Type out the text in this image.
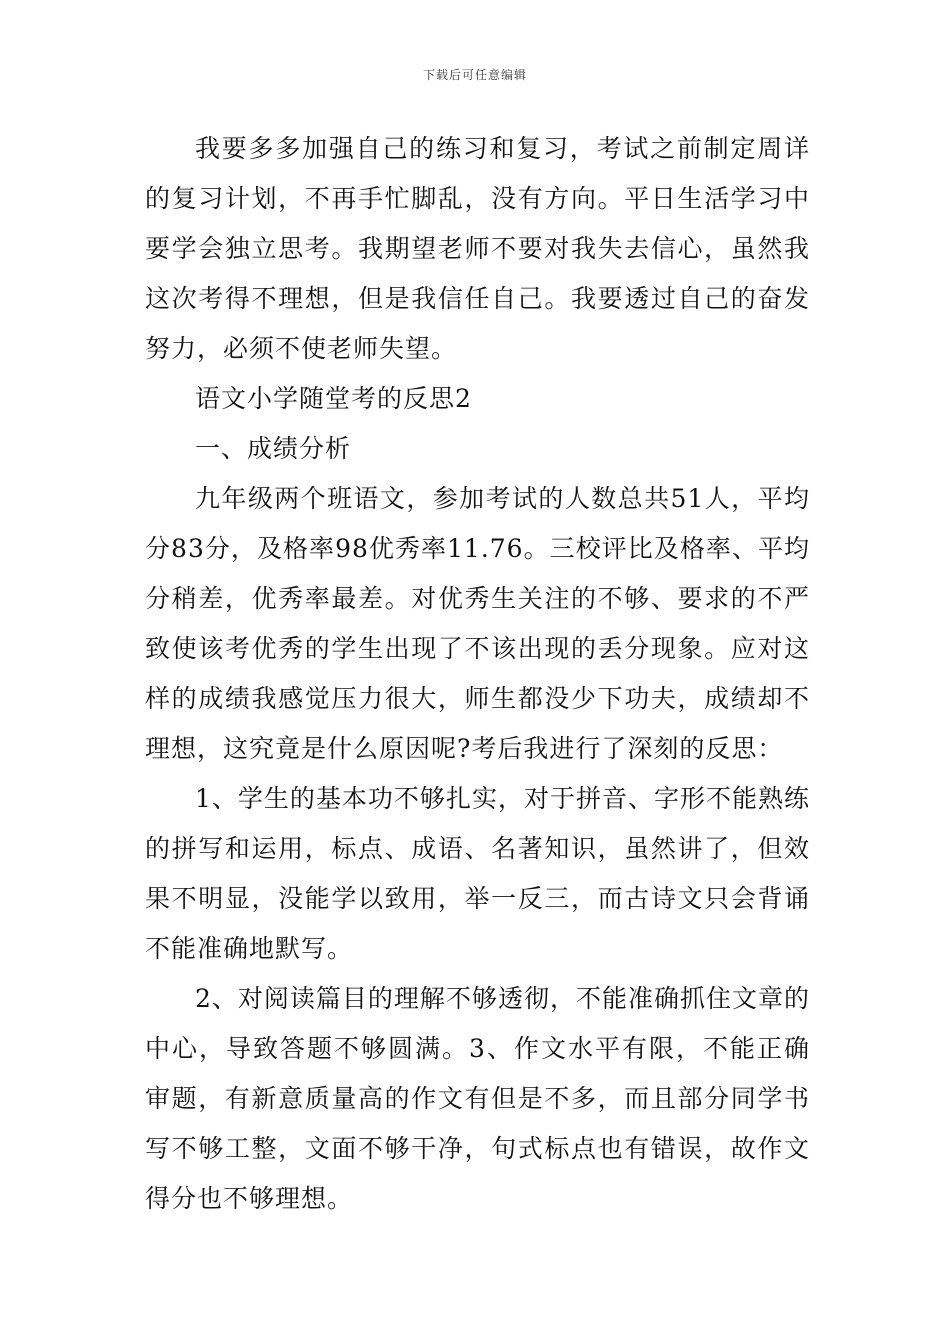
下载后可任意编辑

我要多多加强自己的练习和复习，考试之前制定周详的复习计划，不再手忙脚乱，没有方向。平日生活学习中要学会独立思考。我期望老师不要对我失去信心，虽然我这次考得不理想，但是我信任自己。我要透过自己的奋发努力，必须不使老师失望。

语文小学随堂考的反思2

一、成绩分析

九年级两个班语文，参加考试的人数总共51人，平均分83分，及格率98优秀率11.76。三校评比及格率、平均分稍差，优秀率最差。对优秀生关注的不够、要求的不严致使该考优秀的学生出现了不该出现的丢分现象。应对这样的成绩我感觉压力很大，师生都没少下功夫，成绩却不理想，这究竟是什么原因呢?考后我进行了深刻的反思：

1、学生的基本功不够扎实，对于拼音、字形不能熟练的拼写和运用，标点、成语、名著知识，虽然讲了，但效果不明显，没能学以致用，举一反三，而古诗文只会背诵不能准确地默写。

2、对阅读篇目的理解不够透彻，不能准确抓住文章的中心，导致答题不够圆满。3、作文水平有限，不能正确审题，有新意质量高的作文有但是不多，而且部分同学书写不够工整，文面不够干净，句式标点也有错误，故作文得分也不够理想。
